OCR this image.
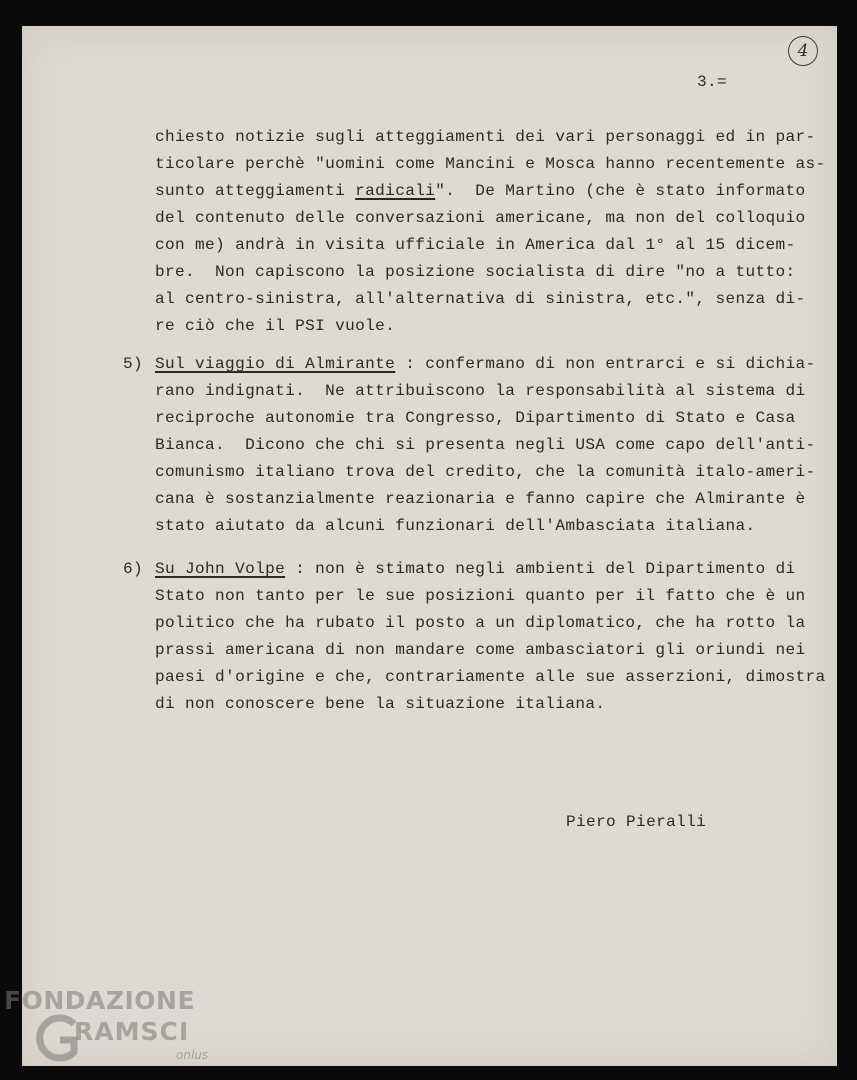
4
3.=
chiesto notizie sugli atteggiamenti dei vari personaggi ed in par-
ticolare perchè "uomini come Mancini e Mosca hanno recentemente as-
sunto atteggiamenti radicali".  De Martino (che è stato informato
del contenuto delle conversazioni americane, ma non del colloquio
con me) andrà in visita ufficiale in America dal 1° al 15 dicem-
bre.  Non capiscono la posizione socialista di dire "no a tutto:
al centro-sinistra, all'alternativa di sinistra, etc.", senza di-
re ciò che il PSI vuole.
5) Sul viaggio di Almirante : confermano di non entrarci e si dichia-
rano indignati.  Ne attribuiscono la responsabilità al sistema di
reciproche autonomie tra Congresso, Dipartimento di Stato e Casa
Bianca.  Dicono che chi si presenta negli USA come capo dell'anti-
comunismo italiano trova del credito, che la comunità italo-ameri-
cana è sostanzialmente reazionaria e fanno capire che Almirante è
stato aiutato da alcuni funzionari dell'Ambasciata italiana.
6) Su John Volpe : non è stimato negli ambienti del Dipartimento di
Stato non tanto per le sue posizioni quanto per il fatto che è un
politico che ha rubato il posto a un diplomatico, che ha rotto la
prassi americana di non mandare come ambasciatori gli oriundi nei
paesi d'origine e che, contrariamente alle sue asserzioni, dimostra
di non conoscere bene la situazione italiana.
Piero Pieralli
FONDAZIONE
RAMSCI
onlus
